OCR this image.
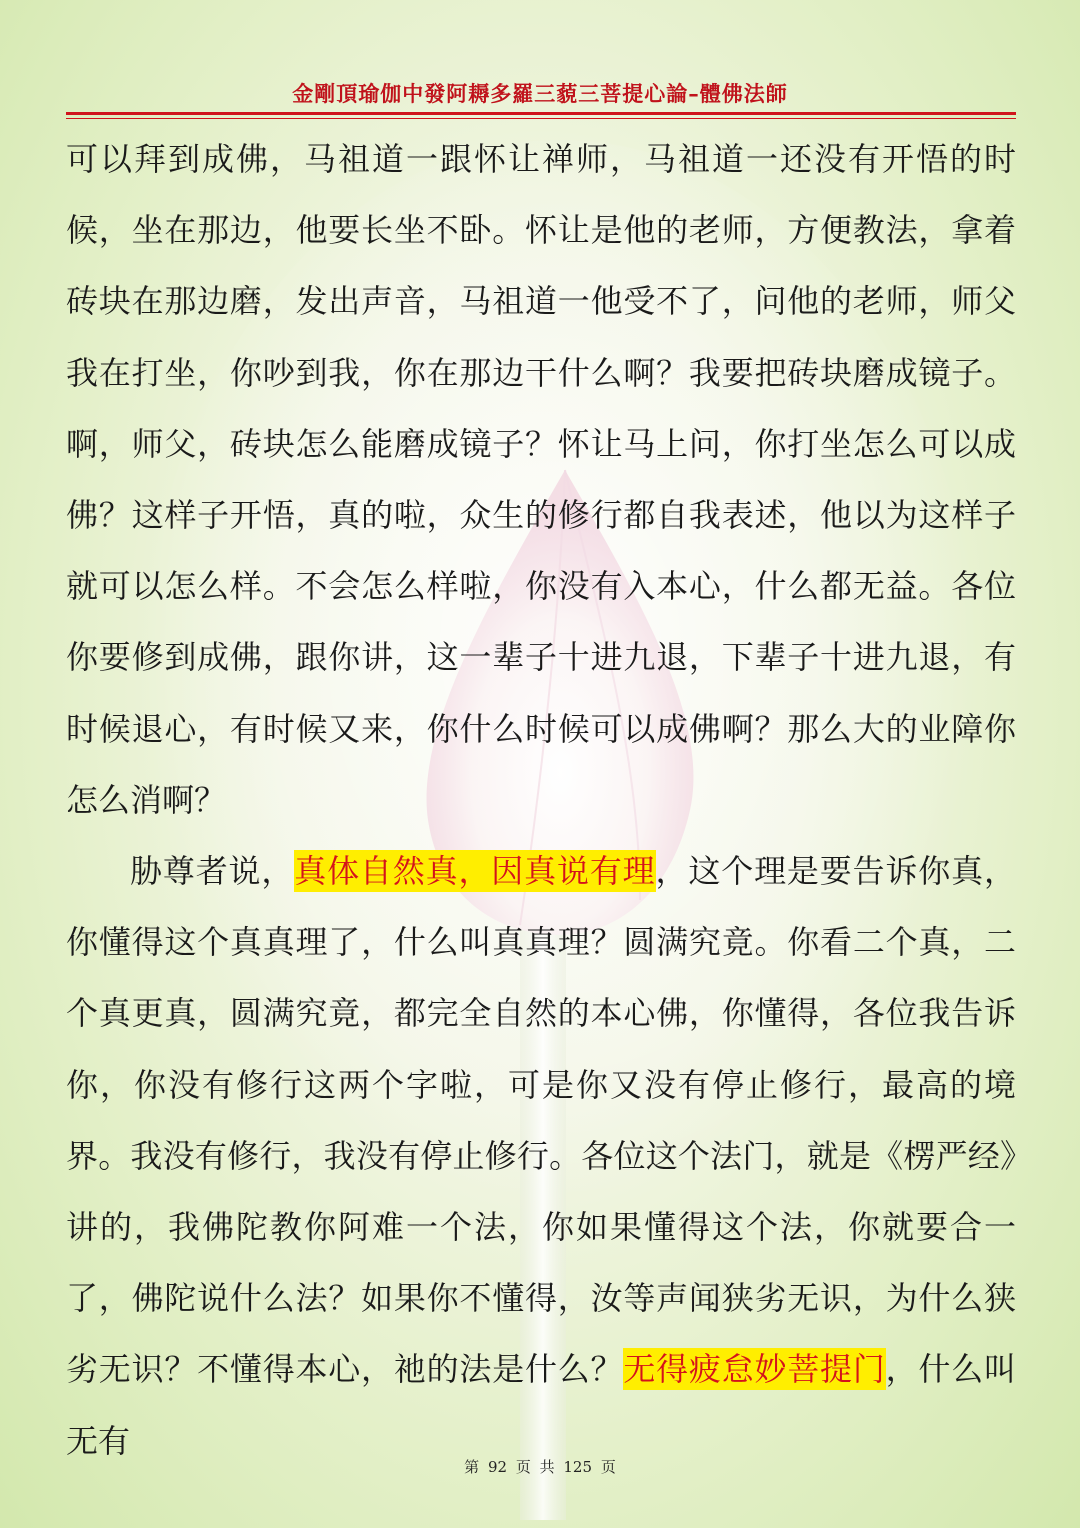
金剛頂瑜伽中發阿耨多羅三藐三菩提心論–體佛法師

可以拜到成佛，马祖道一跟怀让禅师，马祖道一还没有开悟的时候，坐在那边，他要长坐不卧。怀让是他的老师，方便教法，拿着砖块在那边磨，发出声音，马祖道一他受不了，问他的老师，师父我在打坐，你吵到我，你在那边干什么啊？我要把砖块磨成镜子。啊，师父，砖块怎么能磨成镜子？怀让马上问，你打坐怎么可以成佛？这样子开悟，真的啦，众生的修行都自我表述，他以为这样子就可以怎么样。不会怎么样啦，你没有入本心，什么都无益。各位你要修到成佛，跟你讲，这一辈子十进九退，下辈子十进九退，有时候退心，有时候又来，你什么时候可以成佛啊？那么大的业障你怎么消啊？

胁尊者说，真体自然真，因真说有理，这个理是要告诉你真，你懂得这个真真理了，什么叫真真理？圆满究竟。你看二个真，二个真更真，圆满究竟，都完全自然的本心佛，你懂得，各位我告诉你，你没有修行这两个字啦，可是你又没有停止修行，最高的境界。我没有修行，我没有停止修行。各位这个法门，就是《楞严经》讲的，我佛陀教你阿难一个法，你如果懂得这个法，你就要合一了，佛陀说什么法？如果你不懂得，汝等声闻狭劣无识，为什么狭劣无识？不懂得本心，祂的法是什么？无得疲怠妙菩提门，什么叫无有

第 92 页 共 125 页
